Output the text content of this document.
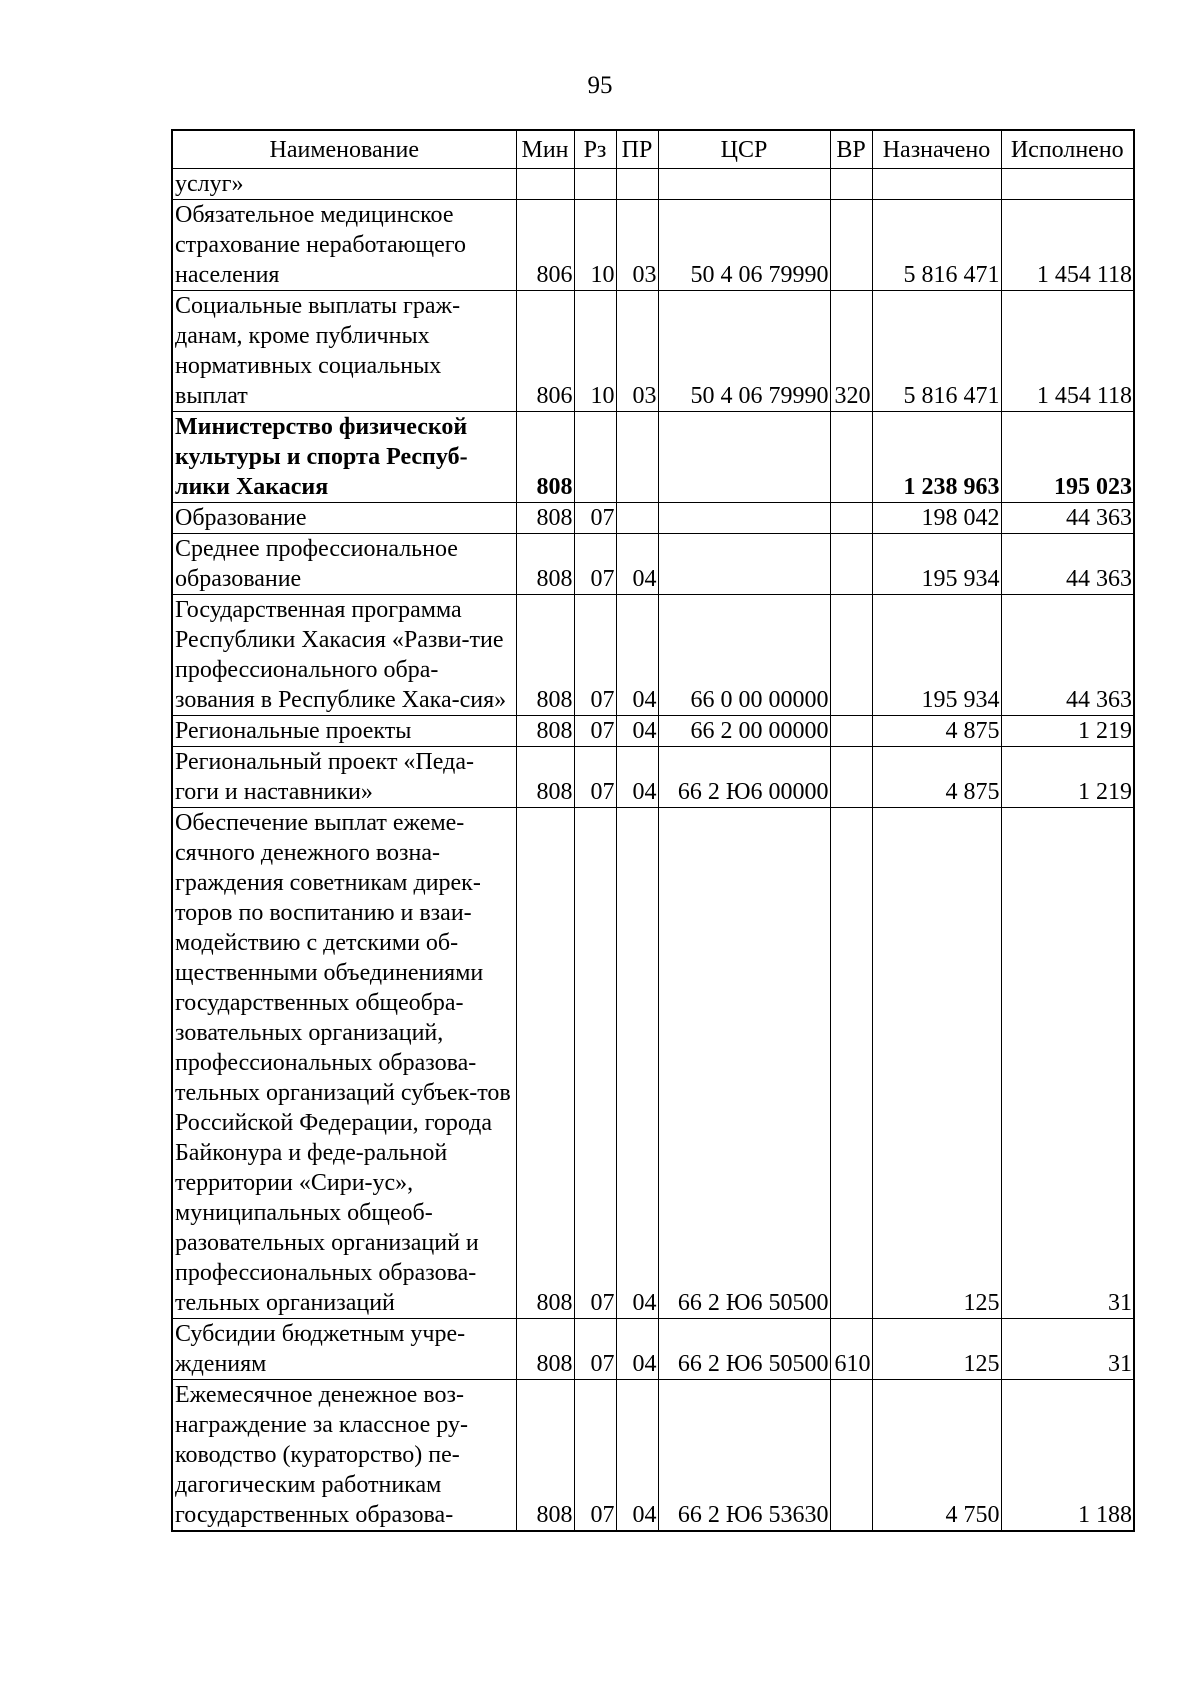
95
Наименование	Мин	Рз	ПР	ЦСР	ВР	Назначено	Исполнено
услуг»							
Обязательное медицинское страхование неработающего населения	806	10	03	50 4 06 79990		5 816 471	1 454 118
Социальные выплаты граж-данам, кроме публичных нормативных социальных выплат	806	10	03	50 4 06 79990	320	5 816 471	1 454 118
Министерство физической культуры и спорта Респуб-лики Хакасия	808					1 238 963	195 023
Образование	808	07				198 042	44 363
Среднее профессиональное образование	808	07	04			195 934	44 363
Государственная программа Республики Хакасия «Разви-тие профессионального обра-зования в Республике Хака-сия»	808	07	04	66 0 00 00000		195 934	44 363
Региональные проекты	808	07	04	66 2 00 00000		4 875	1 219
Региональный проект «Педа-гоги и наставники»	808	07	04	66 2 Ю6 00000		4 875	1 219
Обеспечение выплат ежеме-сячного денежного возна-граждения советникам дирек-торов по воспитанию и взаи-модействию с детскими об-щественными объединениями государственных общеобра-зовательных организаций, профессиональных образова-тельных организаций субъек-тов Российской Федерации, города Байконура и феде-ральной территории «Сири-ус», муниципальных общеоб-разовательных организаций и профессиональных образова-тельных организаций	808	07	04	66 2 Ю6 50500		125	31
Субсидии бюджетным учре-ждениям	808	07	04	66 2 Ю6 50500	610	125	31
Ежемесячное денежное воз-награждение за классное ру-ководство (кураторство) пе-дагогическим работникам государственных образова-	808	07	04	66 2 Ю6 53630		4 750	1 188
